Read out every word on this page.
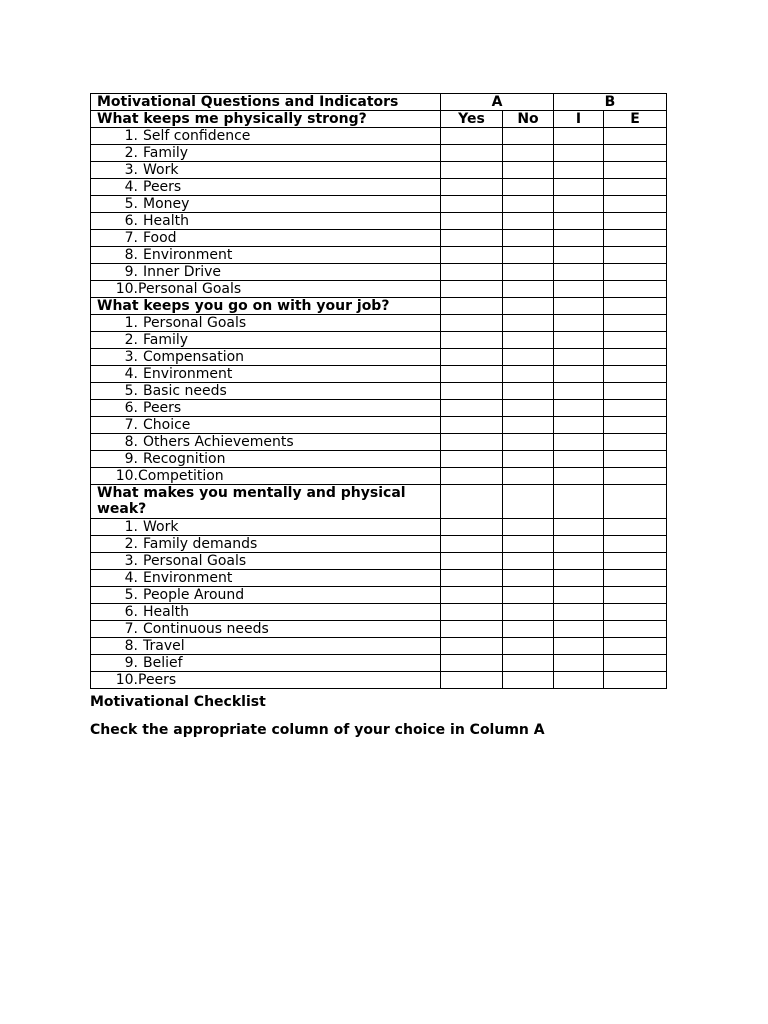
Motivational Questions and Indicators	A		B	
What keeps me physically strong?	Yes	No	I	E
1. Self confidence				
2. Family				
3. Work				
4. Peers				
5. Money				
6. Health				
7. Food				
8. Environment				
9. Inner Drive				
10.Personal Goals				
What keeps you go on with your job?				
1. Personal Goals				
2. Family				
3. Compensation				
4. Environment				
5. Basic needs				
6. Peers				
7. Choice				
8. Others Achievements				
9. Recognition				
10.Competition				
What makes you mentally and physical weak?				
1. Work				
2. Family demands				
3. Personal Goals				
4. Environment				
5. People Around				
6. Health				
7. Continuous needs				
8. Travel				
9. Belief				
10.Peers				
Motivational Checklist
Check the appropriate column of your choice in Column A
